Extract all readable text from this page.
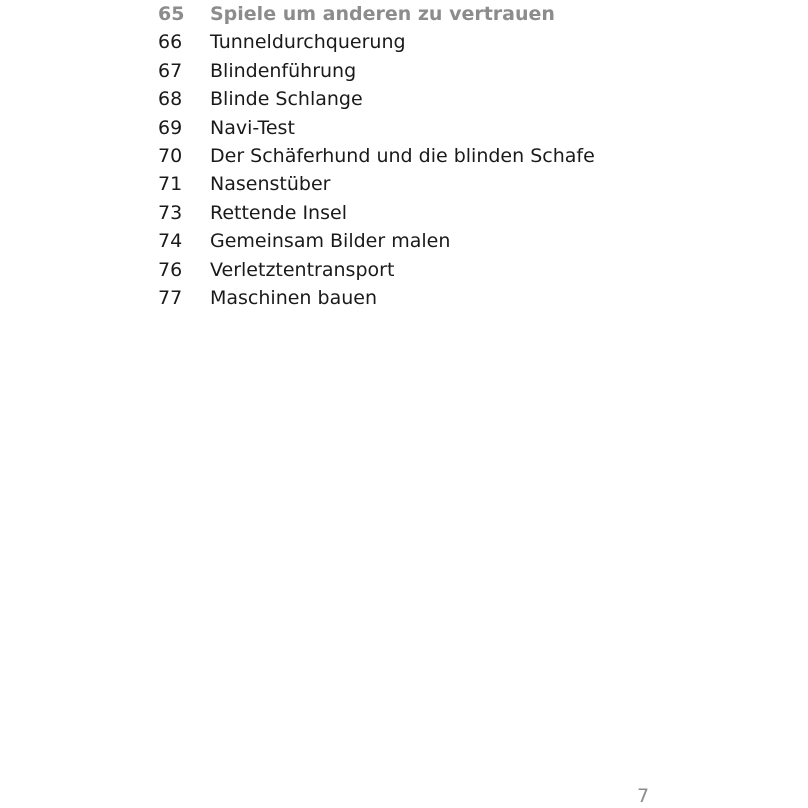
65	Spiele um anderen zu vertrauen
66	Tunneldurchquerung
67	Blindenführung
68	Blinde Schlange
69	Navi-Test
70	Der Schäferhund und die blinden Schafe
71	Nasenstüber
73	Rettende Insel
74	Gemeinsam Bilder malen
76	Verletztentransport
77	Maschinen bauen
7
